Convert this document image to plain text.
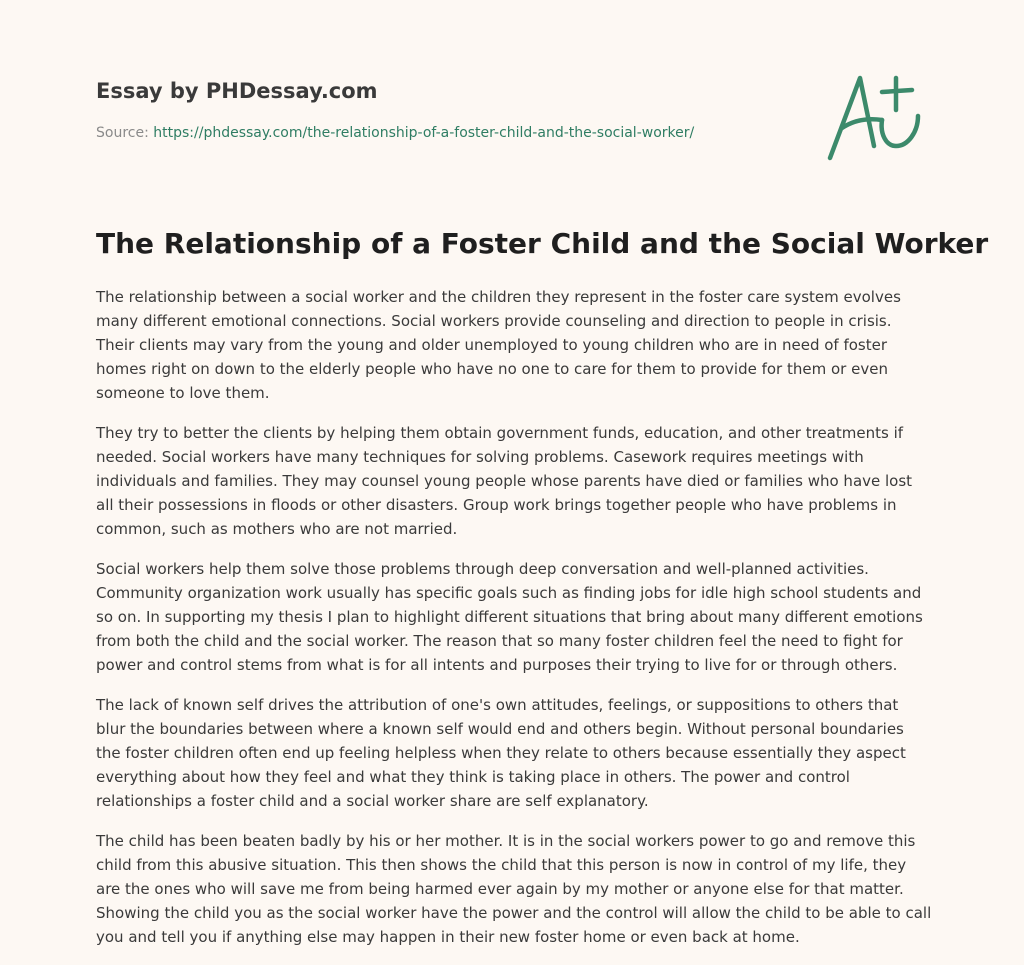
Essay by PHDessay.com
Source: https://phdessay.com/the-relationship-of-a-foster-child-and-the-social-worker/
The Relationship of a Foster Child and the Social Worker

The relationship between a social worker and the children they represent in the foster care system evolves many different emotional connections. Social workers provide counseling and direction to people in crisis. Their clients may vary from the young and older unemployed to young children who are in need of foster homes right on down to the elderly people who have no one to care for them to provide for them or even someone to love them.

They try to better the clients by helping them obtain government funds, education, and other treatments if needed. Social workers have many techniques for solving problems. Casework requires meetings with individuals and families. They may counsel young people whose parents have died or families who have lost all their possessions in floods or other disasters. Group work brings together people who have problems in common, such as mothers who are not married.

Social workers help them solve those problems through deep conversation and well-planned activities. Community organization work usually has specific goals such as finding jobs for idle high school students and so on. In supporting my thesis I plan to highlight different situations that bring about many different emotions from both the child and the social worker. The reason that so many foster children feel the need to fight for power and control stems from what is for all intents and purposes their trying to live for or through others.

The lack of known self drives the attribution of one's own attitudes, feelings, or suppositions to others that blur the boundaries between where a known self would end and others begin. Without personal boundaries the foster children often end up feeling helpless when they relate to others because essentially they aspect everything about how they feel and what they think is taking place in others. The power and control relationships a foster child and a social worker share are self explanatory.

The child has been beaten badly by his or her mother. It is in the social workers power to go and remove this child from this abusive situation. This then shows the child that this person is now in control of my life, they are the ones who will save me from being harmed ever again by my mother or anyone else for that matter. Showing the child you as the social worker have the power and the control will allow the child to be able to call you and tell you if anything else may happen in their new foster home or even back at home.
